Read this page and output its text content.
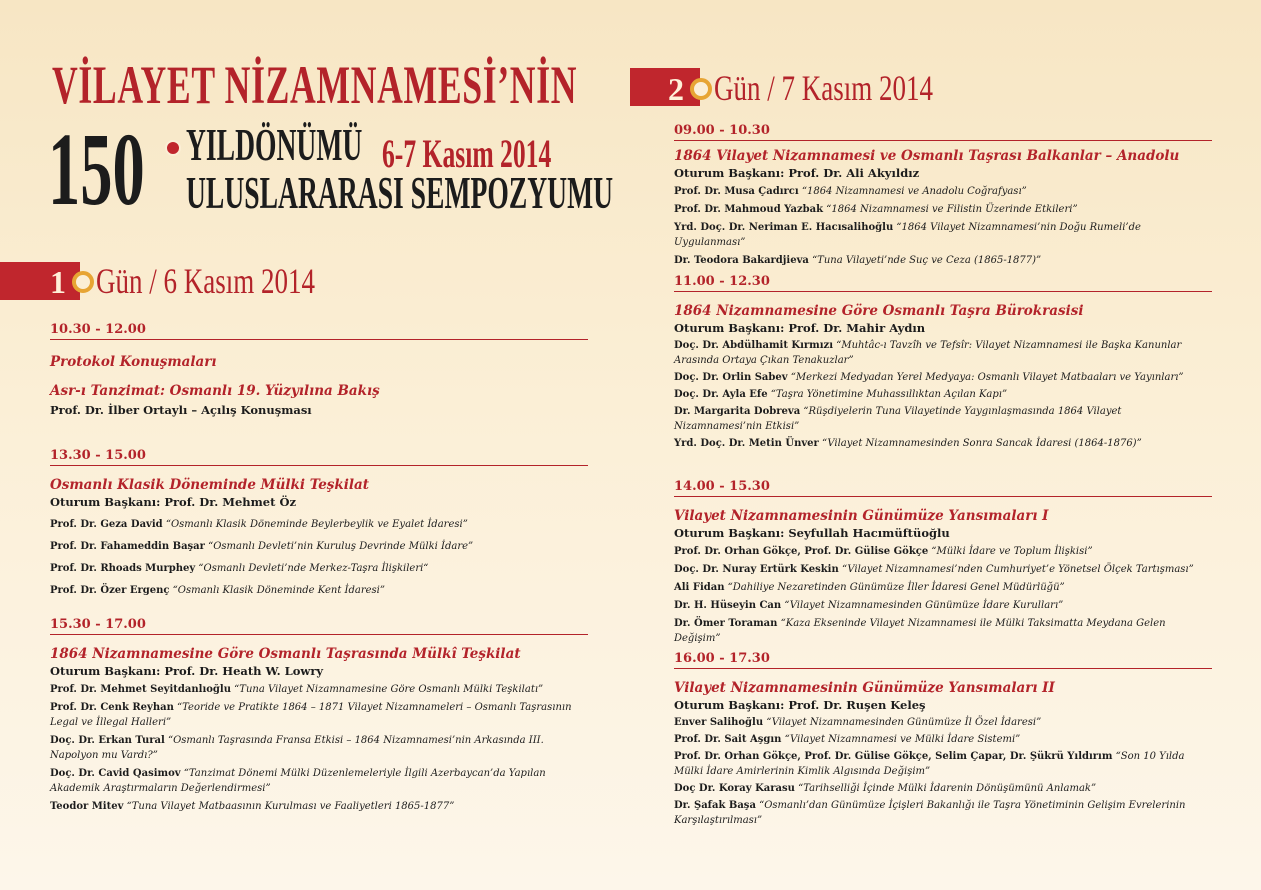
VİLAYET NİZAMNAMESİ’NİN
150 YILDÖNÜMÜ 6-7 Kasım 2014
ULUSLARARASI SEMPOZYUMU
1 Gün / 6 Kasım 2014
2 Gün / 7 Kasım 2014
10.30 - 12.00
Protokol Konuşmaları
Asr-ı Tanzimat: Osmanlı 19. Yüzyılına Bakış
Prof. Dr. İlber Ortaylı – Açılış Konuşması
13.30 - 15.00
Osmanlı Klasik Döneminde Mülki Teşkilat
Oturum Başkanı: Prof. Dr. Mehmet Öz
Prof. Dr. Geza David “Osmanlı Klasik Döneminde Beylerbeylik ve Eyalet İdaresi”
Prof. Dr. Fahameddin Başar “Osmanlı Devleti’nin Kuruluş Devrinde Mülki İdare”
Prof. Dr. Rhoads Murphey “Osmanlı Devleti’nde Merkez-Taşra İlişkileri“
Prof. Dr. Özer Ergenç “Osmanlı Klasik Döneminde Kent İdaresi”
15.30 - 17.00
1864 Nizamnamesine Göre Osmanlı Taşrasında Mülkî Teşkilat
Oturum Başkanı: Prof. Dr. Heath W. Lowry
Prof. Dr. Mehmet Seyitdanlıoğlu “Tuna Vilayet Nizamnamesine Göre Osmanlı Mülki Teşkilatı”
Prof. Dr. Cenk Reyhan “Teoride ve Pratikte 1864 – 1871 Vilayet Nizamnameleri – Osmanlı Taşrasının Legal ve İllegal Halleri”
Doç. Dr. Erkan Tural “Osmanlı Taşrasında Fransa Etkisi – 1864 Nizamnamesi’nin Arkasında III. Napolyon mu Vardı?”
Doç. Dr. Cavid Qasimov “Tanzimat Dönemi Mülki Düzenlemeleriyle İlgili Azerbaycan’da Yapılan Akademik Araştırmaların Değerlendirmesi”
Teodor Mitev “Tuna Vilayet Matbaasının Kurulması ve Faaliyetleri 1865-1877”
09.00 - 10.30
1864 Vilayet Nizamnamesi ve Osmanlı Taşrası Balkanlar – Anadolu
Oturum Başkanı: Prof. Dr. Ali Akyıldız
Prof. Dr. Musa Çadırcı “1864 Nizamnamesi ve Anadolu Coğrafyası”
Prof. Dr. Mahmoud Yazbak “1864 Nizamnamesi ve Filistin Üzerinde Etkileri”
Yrd. Doç. Dr. Neriman E. Hacısalihoğlu “1864 Vilayet Nizamnamesi’nin Doğu Rumeli’de Uygulanması”
Dr. Teodora Bakardjieva “Tuna Vilayeti’nde Suç ve Ceza (1865-1877)”
11.00 - 12.30
1864 Nizamnamesine Göre Osmanlı Taşra Bürokrasisi
Oturum Başkanı: Prof. Dr. Mahir Aydın
Doç. Dr. Abdülhamit Kırmızı “Muhtâc-ı Tavzîh ve Tefsîr: Vilayet Nizamnamesi ile Başka Kanunlar Arasında Ortaya Çıkan Tenakuzlar”
Doç. Dr. Orlin Sabev “Merkezi Medyadan Yerel Medyaya: Osmanlı Vilayet Matbaaları ve Yayınları”
Doç. Dr. Ayla Efe “Taşra Yönetimine Muhassıllıktan Açılan Kapı”
Dr. Margarita Dobreva “Rüşdiyelerin Tuna Vilayetinde Yaygınlaşmasında 1864 Vilayet Nizamnamesi’nin Etkisi”
Yrd. Doç. Dr. Metin Ünver “Vilayet Nizamnamesinden Sonra Sancak İdaresi (1864-1876)”
14.00 - 15.30
Vilayet Nizamnamesinin Günümüze Yansımaları I
Oturum Başkanı: Seyfullah Hacımüftüoğlu
Prof. Dr. Orhan Gökçe, Prof. Dr. Gülise Gökçe “Mülki İdare ve Toplum İlişkisi”
Doç. Dr. Nuray Ertürk Keskin “Vilayet Nizamnamesi’nden Cumhuriyet’e Yönetsel Ölçek Tartışması”
Ali Fidan “Dahiliye Nezaretinden Günümüze İller İdaresi Genel Müdürlüğü”
Dr. H. Hüseyin Can “Vilayet Nizamnamesinden Günümüze İdare Kurulları”
Dr. Ömer Toraman “Kaza Ekseninde Vilayet Nizamnamesi ile Mülki Taksimatta Meydana Gelen Değişim”
16.00 - 17.30
Vilayet Nizamnamesinin Günümüze Yansımaları II
Oturum Başkanı: Prof. Dr. Ruşen Keleş
Enver Salihoğlu “Vilayet Nizamnamesinden Günümüze İl Özel İdaresi”
Prof. Dr. Sait Aşgın “Vilayet Nizamnamesi ve Mülki İdare Sistemi”
Prof. Dr. Orhan Gökçe, Prof. Dr. Gülise Gökçe, Selim Çapar, Dr. Şükrü Yıldırım “Son 10 Yılda Mülki İdare Amirlerinin Kimlik Algısında Değişim”
Doç Dr. Koray Karasu “Tarihselliği İçinde Mülki İdarenin Dönüşümünü Anlamak”
Dr. Şafak Başa “Osmanlı’dan Günümüze İçişleri Bakanlığı ile Taşra Yönetiminin Gelişim Evrelerinin Karşılaştırılması”
